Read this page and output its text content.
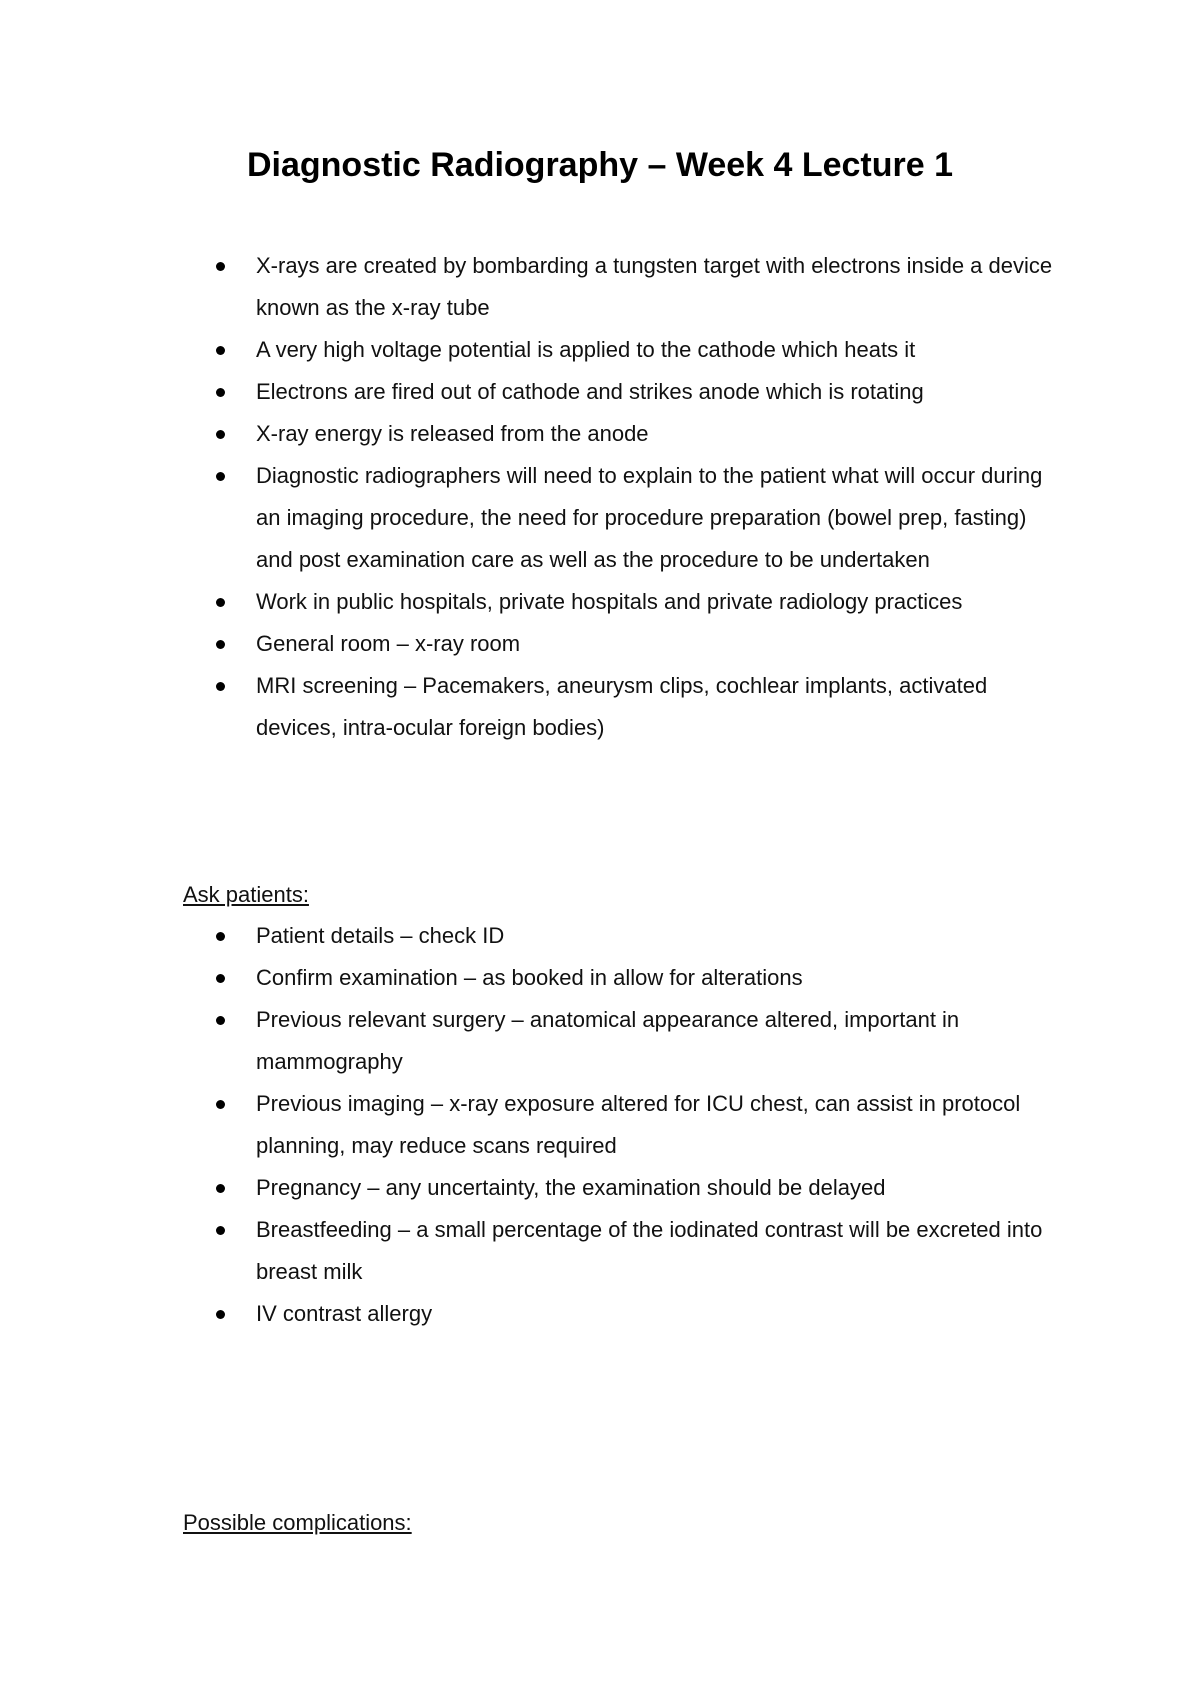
Diagnostic Radiography – Week 4 Lecture 1
X-rays are created by bombarding a tungsten target with electrons inside a device known as the x-ray tube
A very high voltage potential is applied to the cathode which heats it
Electrons are fired out of cathode and strikes anode which is rotating
X-ray energy is released from the anode
Diagnostic radiographers will need to explain to the patient what will occur during an imaging procedure, the need for procedure preparation (bowel prep, fasting) and post examination care as well as the procedure to be undertaken
Work in public hospitals, private hospitals and private radiology practices
General room – x-ray room
MRI screening – Pacemakers, aneurysm clips, cochlear implants, activated devices, intra-ocular foreign bodies)
Ask patients:
Patient details – check ID
Confirm examination – as booked in allow for alterations
Previous relevant surgery – anatomical appearance altered, important in mammography
Previous imaging – x-ray exposure altered for ICU chest, can assist in protocol planning, may reduce scans required
Pregnancy – any uncertainty, the examination should be delayed
Breastfeeding – a small percentage of the iodinated contrast will be excreted into breast milk
IV contrast allergy
Possible complications:
